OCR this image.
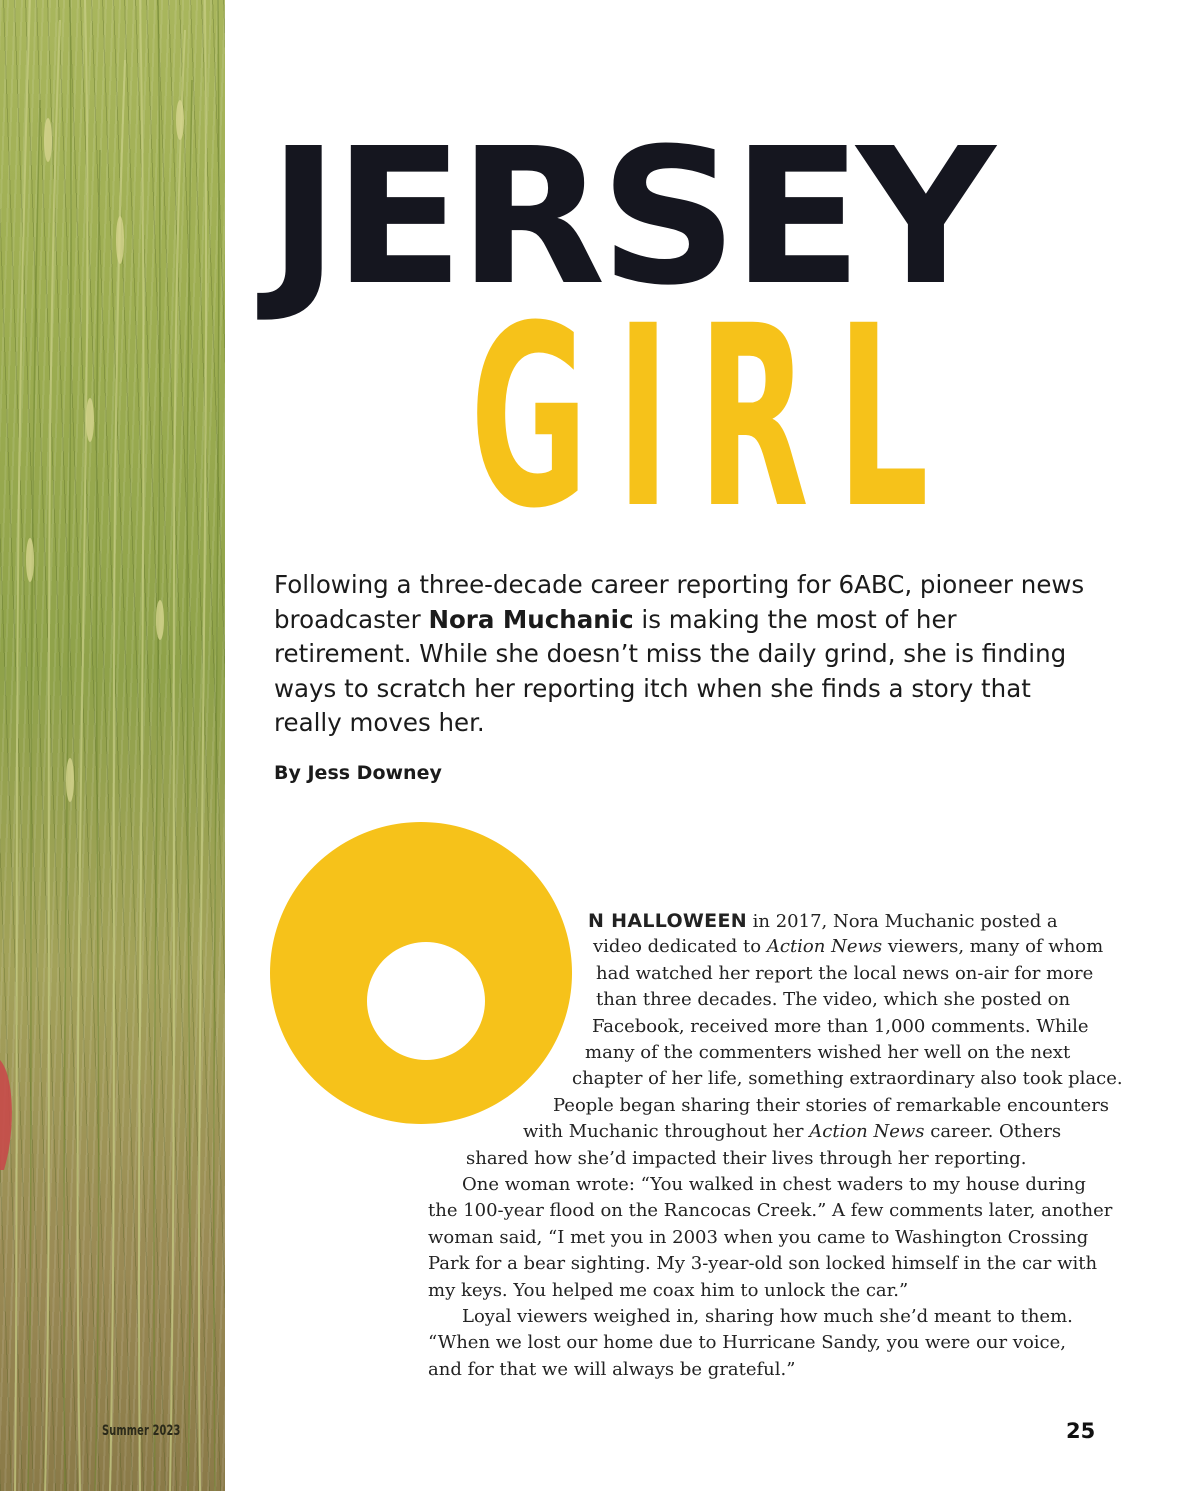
Summer 2023
JERSEY
GIRL

Following a three-decade career reporting for 6ABC, pioneer news broadcaster Nora Muchanic is making the most of her retirement. While she doesn’t miss the daily grind, she is finding ways to scratch her reporting itch when she finds a story that really moves her.

By Jess Downey
N HALLOWEEN in 2017, Nora Muchanic posted a
video dedicated to Action News viewers, many of whom
had watched her report the local news on-air for more
than three decades. The video, which she posted on
Facebook, received more than 1,000 comments. While
many of the commenters wished her well on the next
chapter of her life, something extraordinary also took place.
People began sharing their stories of remarkable encounters
with Muchanic throughout her Action News career. Others
shared how she’d impacted their lives through her reporting.
One woman wrote: “You walked in chest waders to my house during
the 100-year flood on the Rancocas Creek.” A few comments later, another
woman said, “I met you in 2003 when you came to Washington Crossing
Park for a bear sighting. My 3-year-old son locked himself in the car with
my keys. You helped me coax him to unlock the car.”
Loyal viewers weighed in, sharing how much she’d meant to them.
“When we lost our home due to Hurricane Sandy, you were our voice,
and for that we will always be grateful.”
25
